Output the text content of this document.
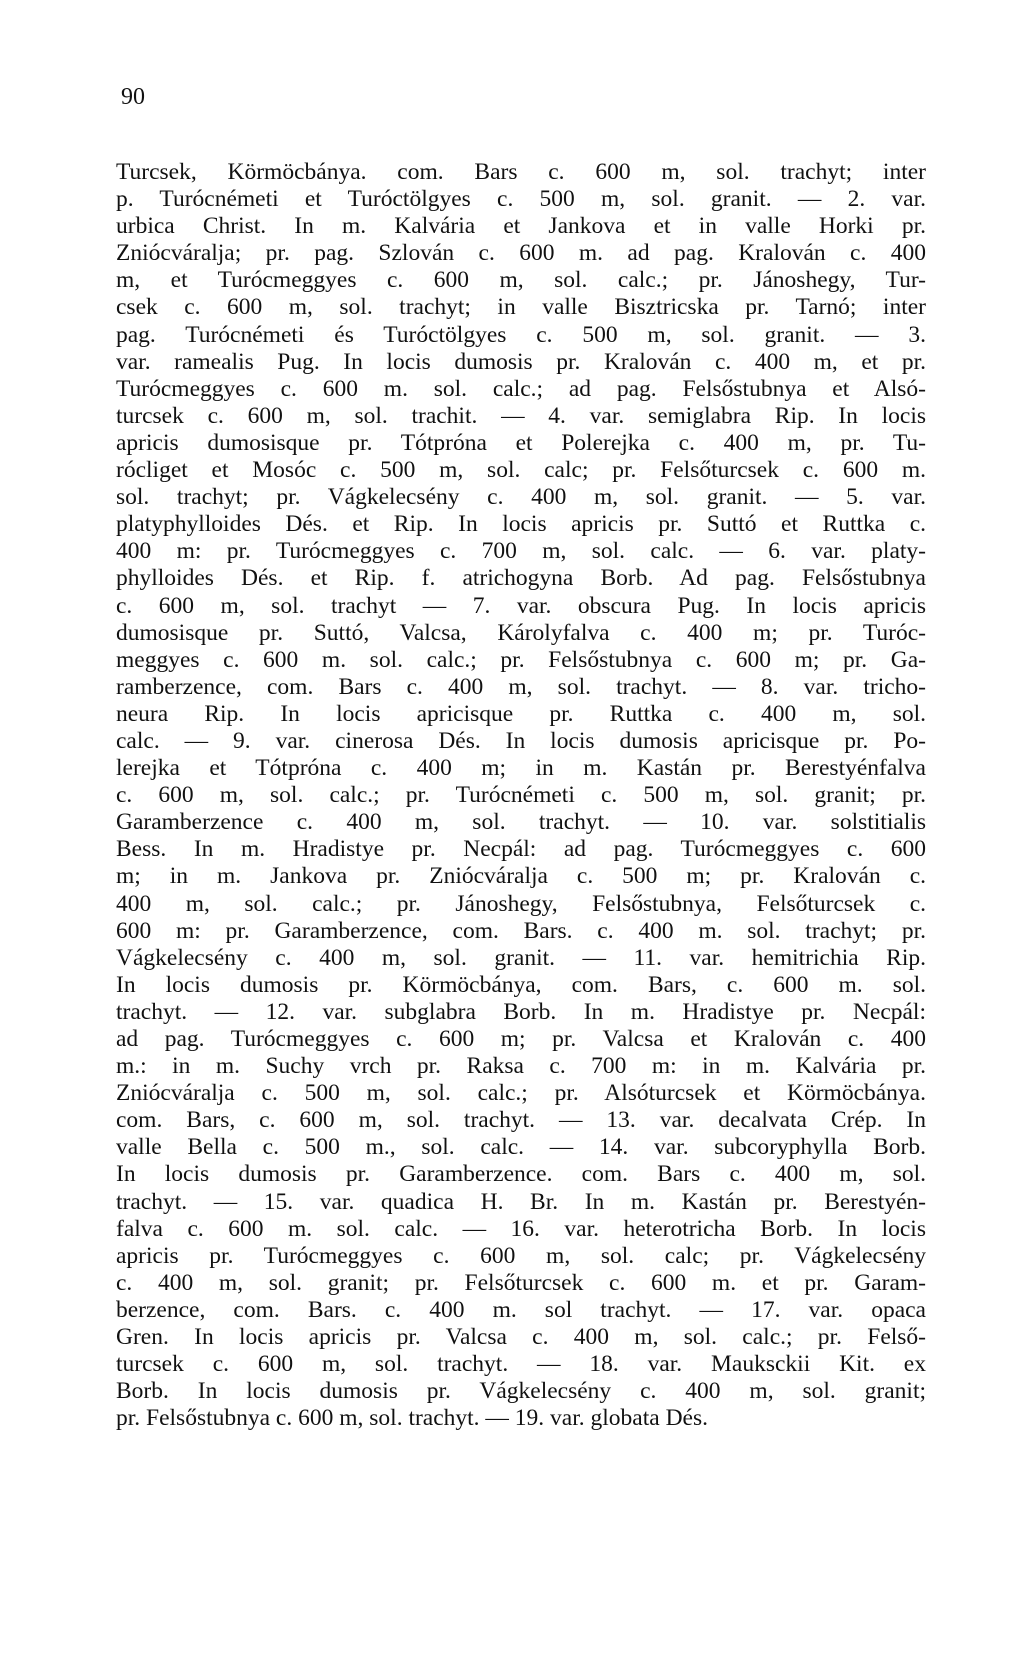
90
Turcsek, Körmöcbánya. com. Bars c. 600 m, sol. trachyt; inter
p. Turócnémeti et Turóctölgyes c. 500 m, sol. granit. — 2. var.
urbica Christ. In m. Kalvária et Jankova et in valle Horki pr.
Zniócváralja; pr. pag. Szlován c. 600 m. ad pag. Kralován c. 400
m, et Turócmeggyes c. 600 m, sol. calc.; pr. Jánoshegy, Tur-
csek c. 600 m, sol. trachyt; in valle Bisztricska pr. Tarnó; inter
pag. Turócnémeti és Turóctölgyes c. 500 m, sol. granit. — 3.
var. ramealis Pug. In locis dumosis pr. Kralován c. 400 m, et pr.
Turócmeggyes c. 600 m. sol. calc.; ad pag. Felsőstubnya et Alsó-
turcsek c. 600 m, sol. trachit. — 4. var. semiglabra Rip. In locis
apricis dumosisque pr. Tótpróna et Polerejka c. 400 m, pr. Tu-
rócliget et Mosóc c. 500 m, sol. calc; pr. Felsőturcsek c. 600 m.
sol. trachyt; pr. Vágkelecsény c. 400 m, sol. granit. — 5. var.
platyphylloides Dés. et Rip. In locis apricis pr. Suttó et Ruttka c.
400 m: pr. Turócmeggyes c. 700 m, sol. calc. — 6. var. platy-
phylloides Dés. et Rip. f. atrichogyna Borb. Ad pag. Felsőstubnya
c. 600 m, sol. trachyt — 7. var. obscura Pug. In locis apricis
dumosisque pr. Suttó, Valcsa, Károlyfalva c. 400 m; pr. Turóc-
meggyes c. 600 m. sol. calc.; pr. Felsőstubnya c. 600 m; pr. Ga-
ramberzence, com. Bars c. 400 m, sol. trachyt. — 8. var. tricho-
neura Rip. In locis apricisque pr. Ruttka c. 400 m, sol.
calc. — 9. var. cinerosa Dés. In locis dumosis apricisque pr. Po-
lerejka et Tótpróna c. 400 m; in m. Kastán pr. Berestyénfalva
c. 600 m, sol. calc.; pr. Turócnémeti c. 500 m, sol. granit; pr.
Garamberzence c. 400 m, sol. trachyt. — 10. var. solstitialis
Bess. In m. Hradistye pr. Necpál: ad pag. Turócmeggyes c. 600
m; in m. Jankova pr. Zniócváralja c. 500 m; pr. Kralován c.
400 m, sol. calc.; pr. Jánoshegy, Felsőstubnya, Felsőturcsek c.
600 m: pr. Garamberzence, com. Bars. c. 400 m. sol. trachyt; pr.
Vágkelecsény c. 400 m, sol. granit. — 11. var. hemitrichia Rip.
In locis dumosis pr. Körmöcbánya, com. Bars, c. 600 m. sol.
trachyt. — 12. var. subglabra Borb. In m. Hradistye pr. Necpál:
ad pag. Turócmeggyes c. 600 m; pr. Valcsa et Kralován c. 400
m.: in m. Suchy vrch pr. Raksa c. 700 m: in m. Kalvária pr.
Zniócváralja c. 500 m, sol. calc.; pr. Alsóturcsek et Körmöcbánya.
com. Bars, c. 600 m, sol. trachyt. — 13. var. decalvata Crép. In
valle Bella c. 500 m., sol. calc. — 14. var. subcoryphylla Borb.
In locis dumosis pr. Garamberzence. com. Bars c. 400 m, sol.
trachyt. — 15. var. quadica H. Br. In m. Kastán pr. Berestyén-
falva c. 600 m. sol. calc. — 16. var. heterotricha Borb. In locis
apricis pr. Turócmeggyes c. 600 m, sol. calc; pr. Vágkelecsény
c. 400 m, sol. granit; pr. Felsőturcsek c. 600 m. et pr. Garam-
berzence, com. Bars. c. 400 m. sol trachyt. — 17. var. opaca
Gren. In locis apricis pr. Valcsa c. 400 m, sol. calc.; pr. Felső-
turcsek c. 600 m, sol. trachyt. — 18. var. Mauksckii Kit. ex
Borb. In locis dumosis pr. Vágkelecsény c. 400 m, sol. granit;
pr. Felsőstubnya c. 600 m, sol. trachyt. — 19. var. globata Dés.
